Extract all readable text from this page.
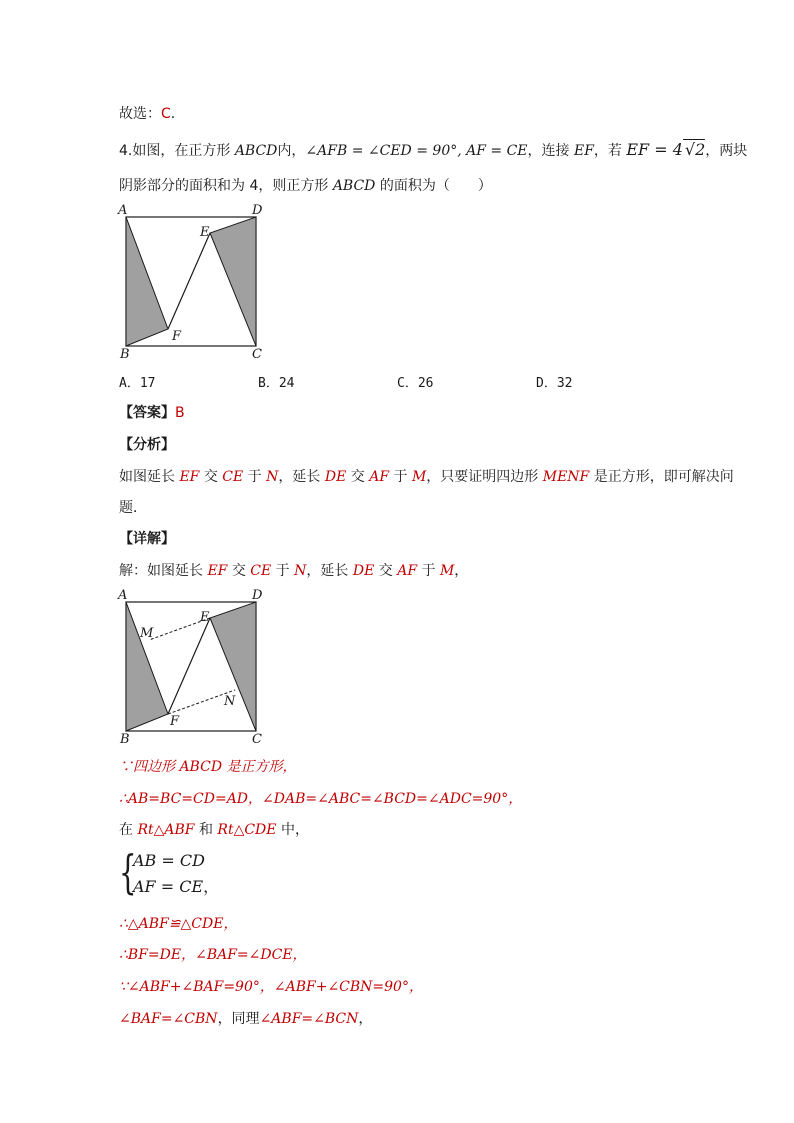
故选：C.
4.如图，在正方形 ABCD内，∠AFB = ∠CED = 90°, AF = CE，连接 EF，若 EF = 4 √2，两块
阴影部分的面积和为 4，则正方形 ABCD 的面积为（　　）
A	D
E
F
B	C
A．17	B．24	C．26	D．32
【答案】B
【分析】
如图延长 EF 交 CE 于 N，延长 DE 交 AF 于 M，只要证明四边形 MENF 是正方形，即可解决问
题．
【详解】
解：如图延长 EF 交 CE 于 N，延长 DE 交 AF 于 M，
A	D
E
M
N
F
B	C
∵四边形 ABCD 是正方形，
∴AB=BC=CD=AD，∠DAB=∠ABC=∠BCD=∠ADC=90°，
在 Rt△ABF 和 Rt△CDE 中，
{
AB = CD
AF = CE，
∴△ABF≌△CDE，
∴BF=DE，∠BAF=∠DCE，
∵∠ABF+∠BAF=90°，∠ABF+∠CBN=90°，
∠BAF=∠CBN，同理∠ABF=∠BCN，
